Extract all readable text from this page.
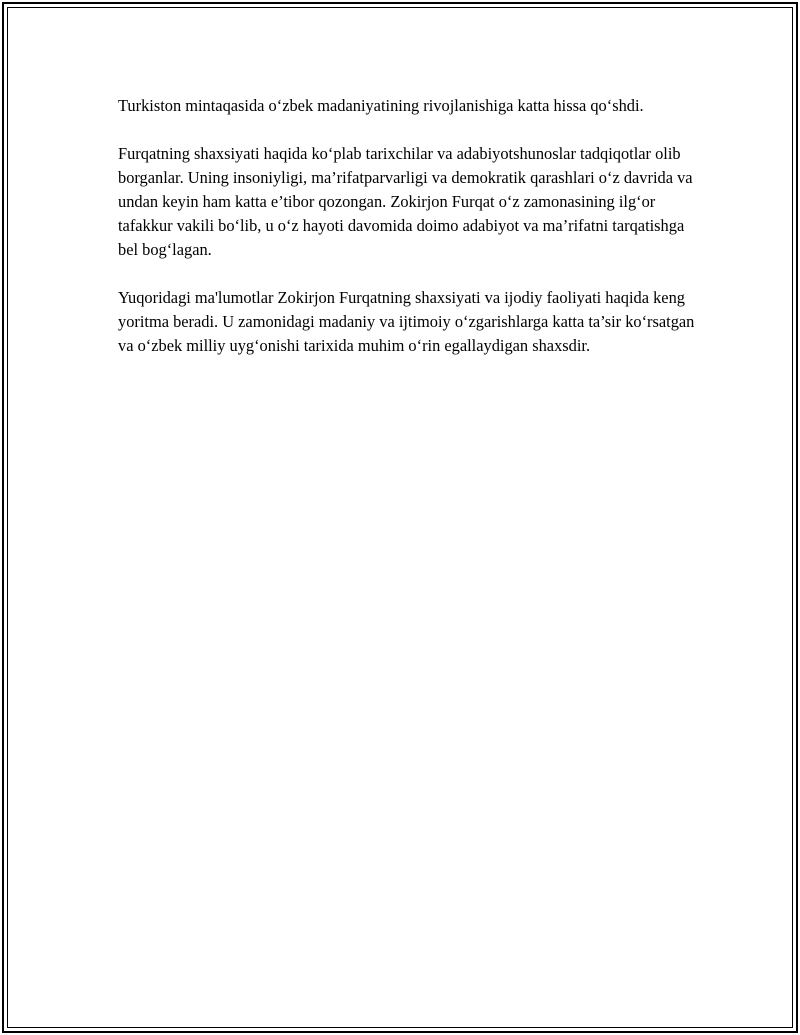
Turkiston mintaqasida o‘zbek madaniyatining rivojlanishiga katta hissa qo‘shdi.

Furqatning shaxsiyati haqida ko‘plab tarixchilar va adabiyotshunoslar tadqiqotlar olib borganlar. Uning insoniyligi, ma’rifatparvarligi va demokratik qarashlari o‘z davrida va undan keyin ham katta e’tibor qozongan. Zokirjon Furqat o‘z zamonasining ilg‘or tafakkur vakili bo‘lib, u o‘z hayoti davomida doimo adabiyot va ma’rifatni tarqatishga bel bog‘lagan.

Yuqoridagi ma'lumotlar Zokirjon Furqatning shaxsiyati va ijodiy faoliyati haqida keng yoritma beradi. U zamonidagi madaniy va ijtimoiy o‘zgarishlarga katta ta’sir ko‘rsatgan va o‘zbek milliy uyg‘onishi tarixida muhim o‘rin egallaydigan shaxsdir.
